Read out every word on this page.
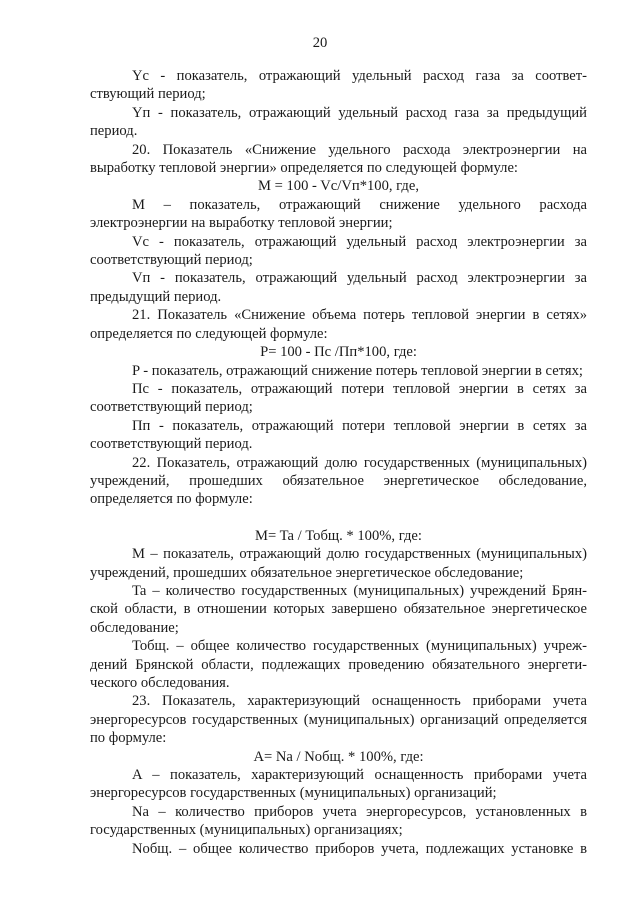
20

Yс - показатель, отражающий удельный расход газа за соответ-ствующий период;

Yп - показатель, отражающий удельный расход газа за предыдущий период.

20. Показатель «Снижение удельного расхода электроэнергии на выработку тепловой энергии» определяется по следующей формуле:

M = 100 - Vc/Vп*100, где,

M – показатель, отражающий снижение удельного расхода электроэнергии на выработку тепловой энергии;

Vc - показатель, отражающий удельный расход электроэнергии за соответствующий период;

Vп - показатель, отражающий удельный расход электроэнергии за предыдущий период.

21. Показатель «Снижение объема потерь тепловой энергии в сетях» определяется по следующей формуле:

P= 100 - Пс /Пп*100, где:

P - показатель, отражающий снижение потерь тепловой энергии в сетях;

Пс - показатель, отражающий потери тепловой энергии в сетях за соответствующий период;

Пп - показатель, отражающий потери тепловой энергии в сетях за соответствующий период.

22. Показатель, отражающий долю государственных (муниципальных) учреждений, прошедших обязательное энергетическое обследование, определяется по формуле:

M= Ta / Тобщ. * 100%, где:

M – показатель, отражающий долю государственных (муниципальных) учреждений, прошедших обязательное энергетическое обследование;

Ta – количество государственных (муниципальных) учреждений Брян-ской области, в отношении которых завершено обязательное энергетическое обследование;

Тобщ. – общее количество государственных (муниципальных) учреж-дений Брянской области, подлежащих проведению обязательного энергети-ческого обследования.

23. Показатель, характеризующий оснащенность приборами учета энергоресурсов государственных (муниципальных) организаций определяется по формуле:

A= Na / Nобщ. * 100%, где:

A – показатель, характеризующий оснащенность приборами учета энергоресурсов государственных (муниципальных) организаций;

Na – количество приборов учета энергоресурсов, установленных в государственных (муниципальных) организациях;

Nобщ. – общее количество приборов учета, подлежащих установке в
